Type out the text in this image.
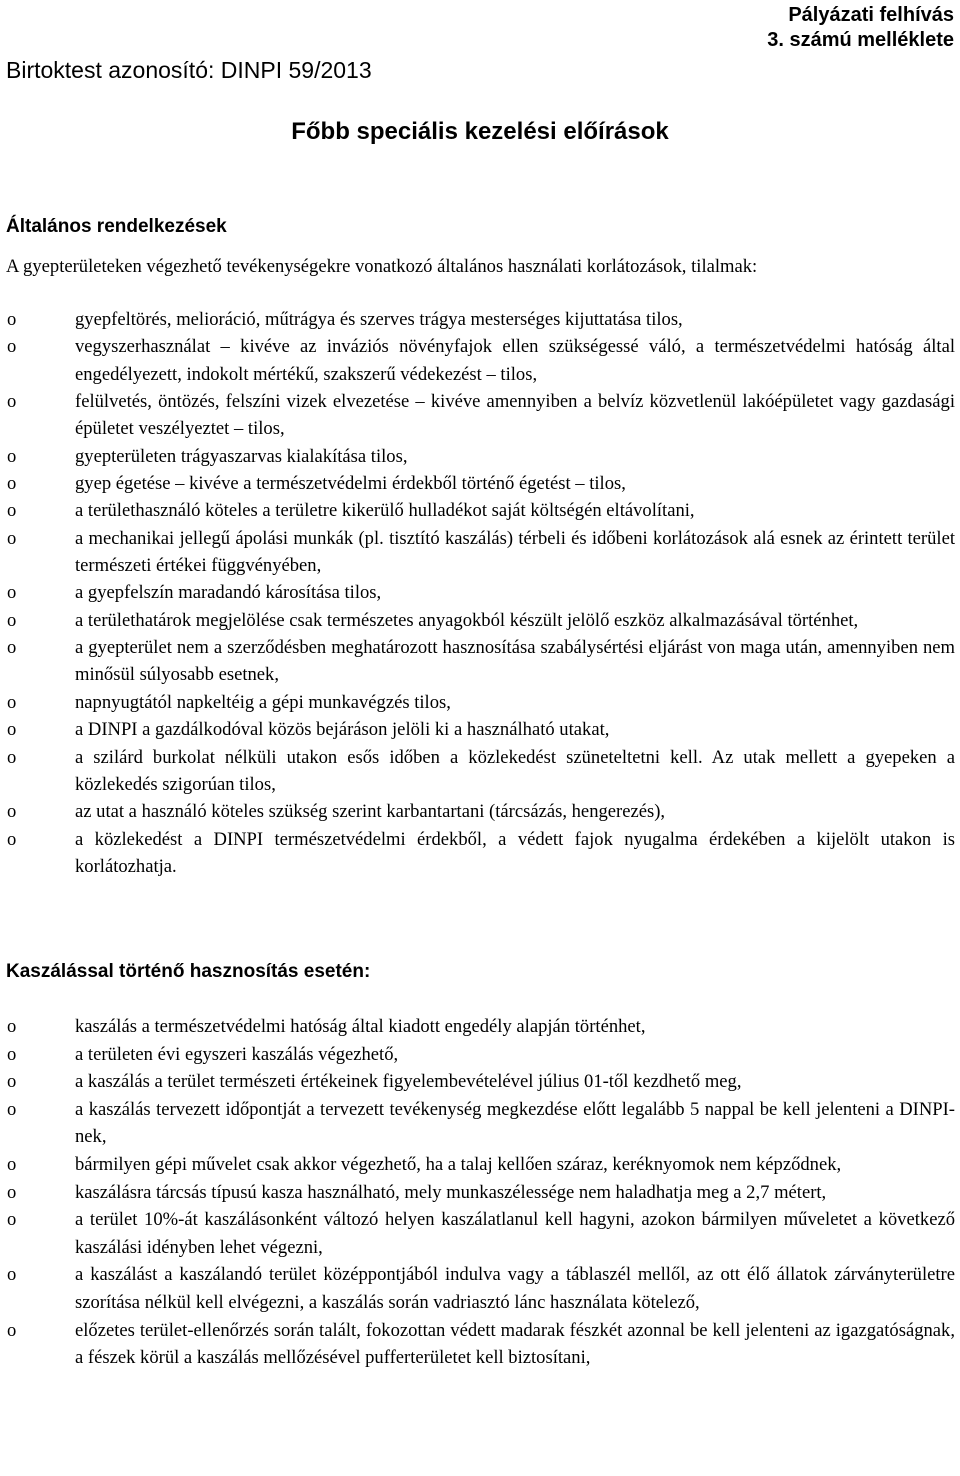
Birtoktest azonosító: DINPI 59/2013
Pályázati felhívás
3. számú melléklete
Főbb speciális kezelési előírások
Általános rendelkezések
A gyepterületeken végezhető tevékenységekre vonatkozó általános használati korlátozások, tilalmak:
o	gyepfeltörés, melioráció, műtrágya és szerves trágya mesterséges kijuttatása tilos,
o	vegyszerhasználat – kivéve az inváziós növényfajok ellen szükségessé váló, a természetvédelmi hatóság által engedélyezett, indokolt mértékű, szakszerű védekezést – tilos,
o	felülvetés, öntözés, felszíni vizek elvezetése – kivéve amennyiben a belvíz közvetlenül lakóépületet vagy gazdasági épületet veszélyeztet – tilos,
o	gyepterületen trágyaszarvas kialakítása tilos,
o	gyep égetése – kivéve a természetvédelmi érdekből történő égetést – tilos,
o	a területhasználó köteles a területre kikerülő hulladékot saját költségén eltávolítani,
o	a mechanikai jellegű ápolási munkák (pl. tisztító kaszálás) térbeli és időbeni korlátozások alá esnek az érintett terület természeti értékei függvényében,
o	a gyepfelszín maradandó károsítása tilos,
o	a területhatárok megjelölése csak természetes anyagokból készült jelölő eszköz alkalmazásával történhet,
o	a gyepterület nem a szerződésben meghatározott hasznosítása szabálysértési eljárást von maga után, amennyiben nem minősül súlyosabb esetnek,
o	napnyugtától napkeltéig a gépi munkavégzés tilos,
o	a DINPI a gazdálkodóval közös bejáráson jelöli ki a használható utakat,
o	a szilárd burkolat nélküli utakon esős időben a közlekedést szüneteltetni kell. Az utak mellett a gyepeken a közlekedés szigorúan tilos,
o	az utat a használó köteles szükség szerint karbantartani (tárcsázás, hengerezés),
o	a közlekedést a DINPI természetvédelmi érdekből, a védett fajok nyugalma érdekében a kijelölt utakon is korlátozhatja.
Kaszálással történő hasznosítás esetén:
o	kaszálás a természetvédelmi hatóság által kiadott engedély alapján történhet,
o	a területen évi egyszeri kaszálás végezhető,
o	a kaszálás a terület természeti értékeinek figyelembevételével július 01-től kezdhető meg,
o	a kaszálás tervezett időpontját a tervezett tevékenység megkezdése előtt legalább 5 nappal be kell jelenteni a DINPI-nek,
o	bármilyen gépi művelet csak akkor végezhető, ha a talaj kellően száraz, keréknyomok nem képződnek,
o	kaszálásra tárcsás típusú kasza használható, mely munkaszélessége nem haladhatja meg a 2,7 métert,
o	a terület 10%-át kaszálásonként változó helyen kaszálatlanul kell hagyni, azokon bármilyen műveletet a következő kaszálási idényben lehet végezni,
o	a kaszálást a kaszálandó terület középpontjából indulva vagy a táblaszél mellől, az ott élő állatok zárványterületre szorítása nélkül kell elvégezni, a kaszálás során vadriasztó lánc használata kötelező,
o	előzetes terület-ellenőrzés során talált, fokozottan védett madarak fészkét azonnal be kell jelenteni az igazgatóságnak, a fészek körül a kaszálás mellőzésével pufferterületet kell biztosítani,
